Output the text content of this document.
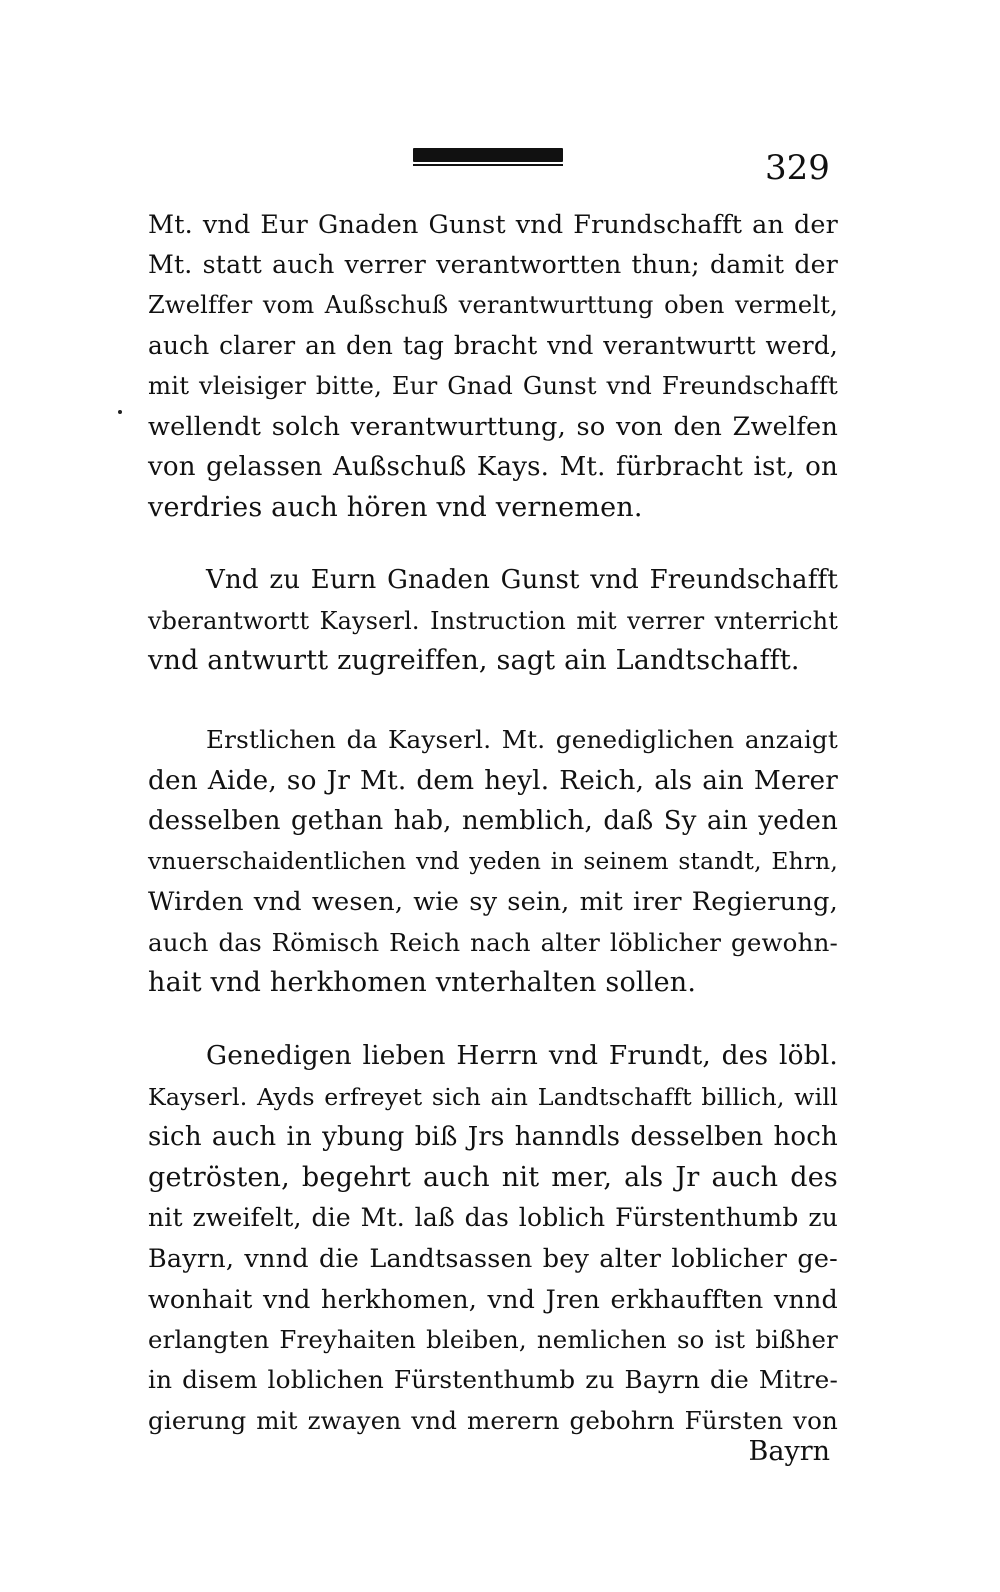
329
Mt. vnd Eur Gnaden Gunst vnd Frundschafft an der
Mt. statt auch verrer verantwortten thun; damit der
Zwelffer vom Außschuß verantwurttung oben vermelt,
auch clarer an den tag bracht vnd verantwurtt werd,
mit vleisiger bitte, Eur Gnad Gunst vnd Freundschafft
wellendt solch verantwurttung, so von den Zwelfen
von gelassen Außschuß Kays. Mt. fürbracht ist, on
verdries auch hören vnd vernemen.
Vnd zu Eurn Gnaden Gunst vnd Freundschafft
vberantwortt Kayserl. Instruction mit verrer vnterricht
vnd antwurtt zugreiffen, sagt ain Landtschafft.
Erstlichen da Kayserl. Mt. genediglichen anzaigt
den Aide, so Jr Mt. dem heyl. Reich, als ain Merer
desselben gethan hab, nemblich, daß Sy ain yeden
vnuerschaidentlichen vnd yeden in seinem standt, Ehrn,
Wirden vnd wesen, wie sy sein, mit irer Regierung,
auch das Römisch Reich nach alter löblicher gewohn-
hait vnd herkhomen vnterhalten sollen.
Genedigen lieben Herrn vnd Frundt, des löbl.
Kayserl. Ayds erfreyet sich ain Landtschafft billich, will
sich auch in ybung biß Jrs hanndls desselben hoch
getrösten, begehrt auch nit mer, als Jr auch des
nit zweifelt, die Mt. laß das loblich Fürstenthumb zu
Bayrn, vnnd die Landtsassen bey alter loblicher ge-
wonhait vnd herkhomen, vnd Jren erkhaufften vnnd
erlangten Freyhaiten bleiben, nemlichen so ist bißher
in disem loblichen Fürstenthumb zu Bayrn die Mitre-
gierung mit zwayen vnd merern gebohrn Fürsten von
Bayrn
